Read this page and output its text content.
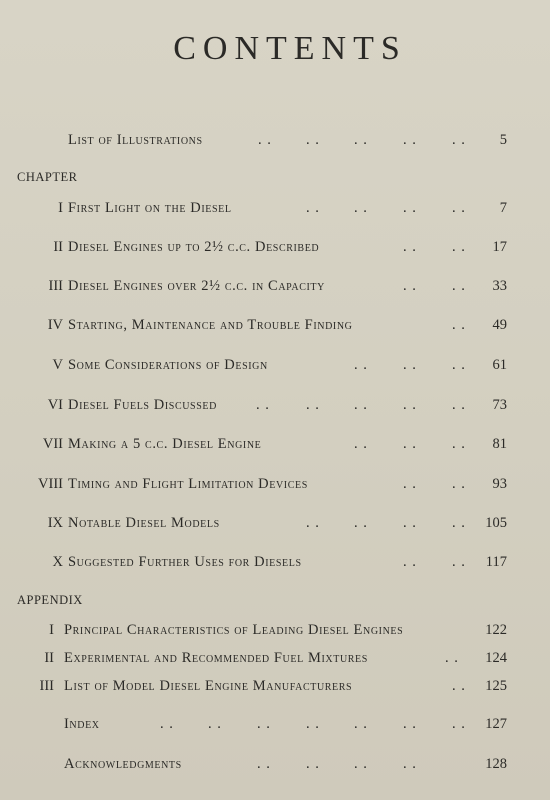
CONTENTS
List of Illustrations	. . . . . . . . . . 5
CHAPTER
I First Light on the Diesel	. . . . . . . . 7
II Diesel Engines up to 2½ c.c. Described	. . . . 17
III Diesel Engines over 2½ c.c. in Capacity	. . . . 33
IV Starting, Maintenance and Trouble Finding	. . 49
V Some Considerations of Design	. . . . . . 61
VI Diesel Fuels Discussed	. . . . . . . . . . 73
VII Making a 5 c.c. Diesel Engine	. . . . . . 81
VIII Timing and Flight Limitation Devices	. . . . 93
IX Notable Diesel Models	. . . . . . . . 105
X Suggested Further Uses for Diesels	. . . . 117
APPENDIX
I Principal Characteristics of Leading Diesel Engines	122
II Experimental and Recommended Fuel Mixtures	. . 124
III List of Model Diesel Engine Manufacturers	. . 125
Index	. . . . . . . . . . . . . . 127
Acknowledgments	. . . . . . . .	128
